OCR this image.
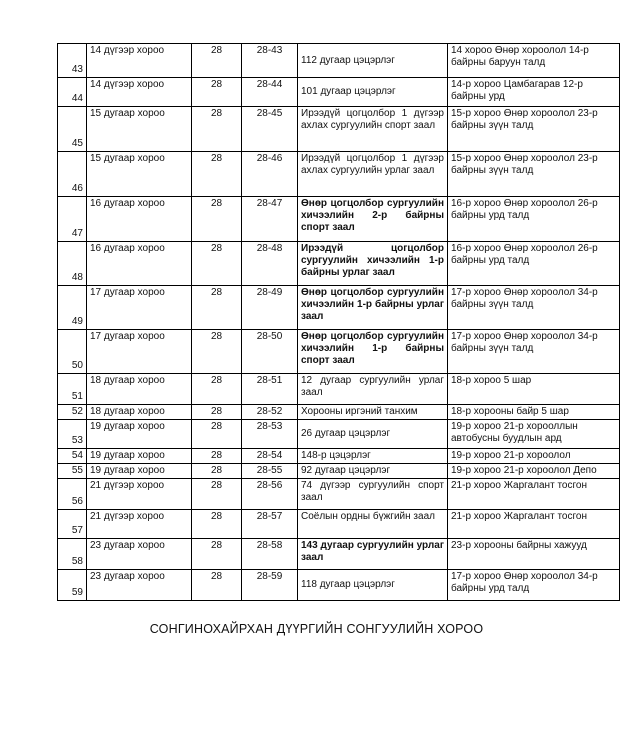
43	14 дүгээр хороо	28	28-43	112 дугаар цэцэрлэг	14 хороо Өнөр хороолол 14-р байрны баруун талд
44	14 дүгээр хороо	28	28-44	101 дугаар цэцэрлэг	14-р хороо Цамбагарав 12-р байрны урд
45	15 дугаар хороо	28	28-45	Ирээдүй цогцолбор 1 дүгээр ахлах сургуулийн спорт заал	15-р хороо Өнөр хороолол 23-р байрны зүүн талд
46	15 дугаар хороо	28	28-46	Ирээдүй цогцолбор 1 дүгээр ахлах сургуулийн урлаг заал	15-р хороо Өнөр хороолол 23-р байрны зүүн талд
47	16 дугаар хороо	28	28-47	Өнөр цогцолбор сургуулийн хичээлийн 2-р байрны спорт заал	16-р хороо Өнөр хороолол 26-р байрны урд талд
48	16 дугаар хороо	28	28-48	Ирээдүй цогцолбор сургуулийн хичээлийн 1-р байрны урлаг заал	16-р хороо Өнөр хороолол 26-р байрны урд талд
49	17 дугаар хороо	28	28-49	Өнөр цогцолбор сургуулийн хичээлийн 1-р байрны урлаг заал	17-р хороо Өнөр хороолол 34-р байрны зүүн талд
50	17 дугаар хороо	28	28-50	Өнөр цогцолбор сургуулийн хичээлийн 1-р байрны спорт заал	17-р хороо Өнөр хороолол 34-р байрны зүүн талд
51	18 дугаар хороо	28	28-51	12 дугаар сургуулийн урлаг заал	18-р хороо 5 шар
52	18 дугаар хороо	28	28-52	Хорооны иргэний танхим	18-р хорооны байр 5 шар
53	19 дугаар хороо	28	28-53	26 дугаар цэцэрлэг	19-р хороо 21-р хорооллын автобусны буудлын ард
54	19 дугаар хороо	28	28-54	148-р цэцэрлэг	19-р хороо 21-р хороолол
55	19 дугаар хороо	28	28-55	92 дугаар цэцэрлэг	19-р хороо 21-р хороолол Депо
56	21 дүгээр хороо	28	28-56	74 дүгээр сургуулийн спорт заал	21-р хороо Жаргалант тосгон
57	21 дүгээр хороо	28	28-57	Соёлын ордны бүжгийн заал	21-р хороо Жаргалант тосгон
58	23 дугаар хороо	28	28-58	143 дугаар сургуулийн урлаг заал	23-р хорооны байрны хажууд
59	23 дугаар хороо	28	28-59	118 дугаар цэцэрлэг	17-р хороо Өнөр хороолол 34-р байрны урд талд
СОНГИНОХАЙРХАН ДҮҮРГИЙН СОНГУУЛИЙН ХОРОО
